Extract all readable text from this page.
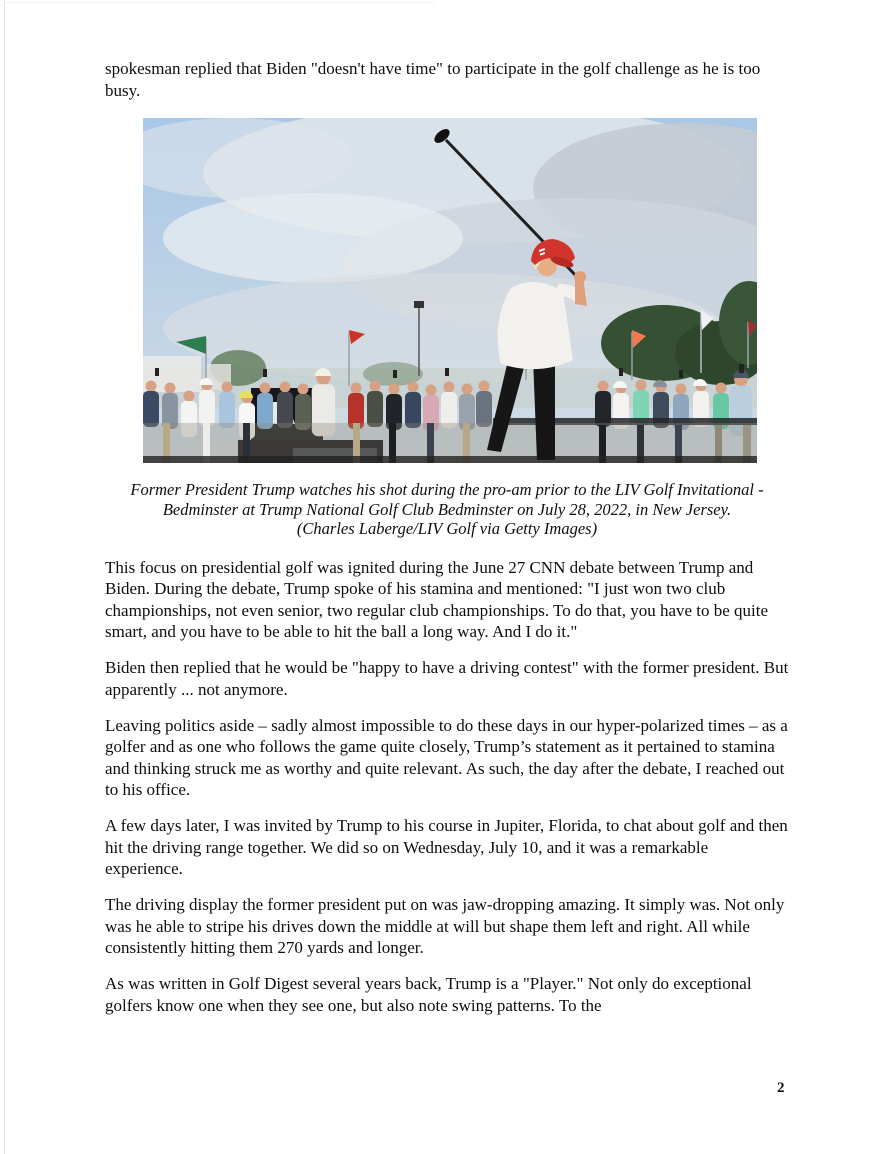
spokesman replied that Biden "doesn't have time" to participate in the golf challenge as he is too busy.

Former President Trump watches his shot during the pro-am prior to the LIV Golf Invitational - Bedminster at Trump National Golf Club Bedminster on July 28, 2022, in New Jersey.
(Charles Laberge/LIV Golf via Getty Images)

This focus on presidential golf was ignited during the June 27 CNN debate between Trump and Biden. During the debate, Trump spoke of his stamina and mentioned: "I just won two club championships, not even senior, two regular club championships. To do that, you have to be quite smart, and you have to be able to hit the ball a long way. And I do it."

Biden then replied that he would be "happy to have a driving contest" with the former president. But apparently ... not anymore.

Leaving politics aside – sadly almost impossible to do these days in our hyper-polarized times – as a golfer and as one who follows the game quite closely, Trump’s statement as it pertained to stamina and thinking struck me as worthy and quite relevant. As such, the day after the debate, I reached out to his office.

A few days later, I was invited by Trump to his course in Jupiter, Florida, to chat about golf and then hit the driving range together. We did so on Wednesday, July 10, and it was a remarkable experience.

The driving display the former president put on was jaw-dropping amazing. It simply was. Not only was he able to stripe his drives down the middle at will but shape them left and right. All while consistently hitting them 270 yards and longer.

As was written in Golf Digest several years back, Trump is a "Player." Not only do exceptional golfers know one when they see one, but also note swing patterns. To the

2
